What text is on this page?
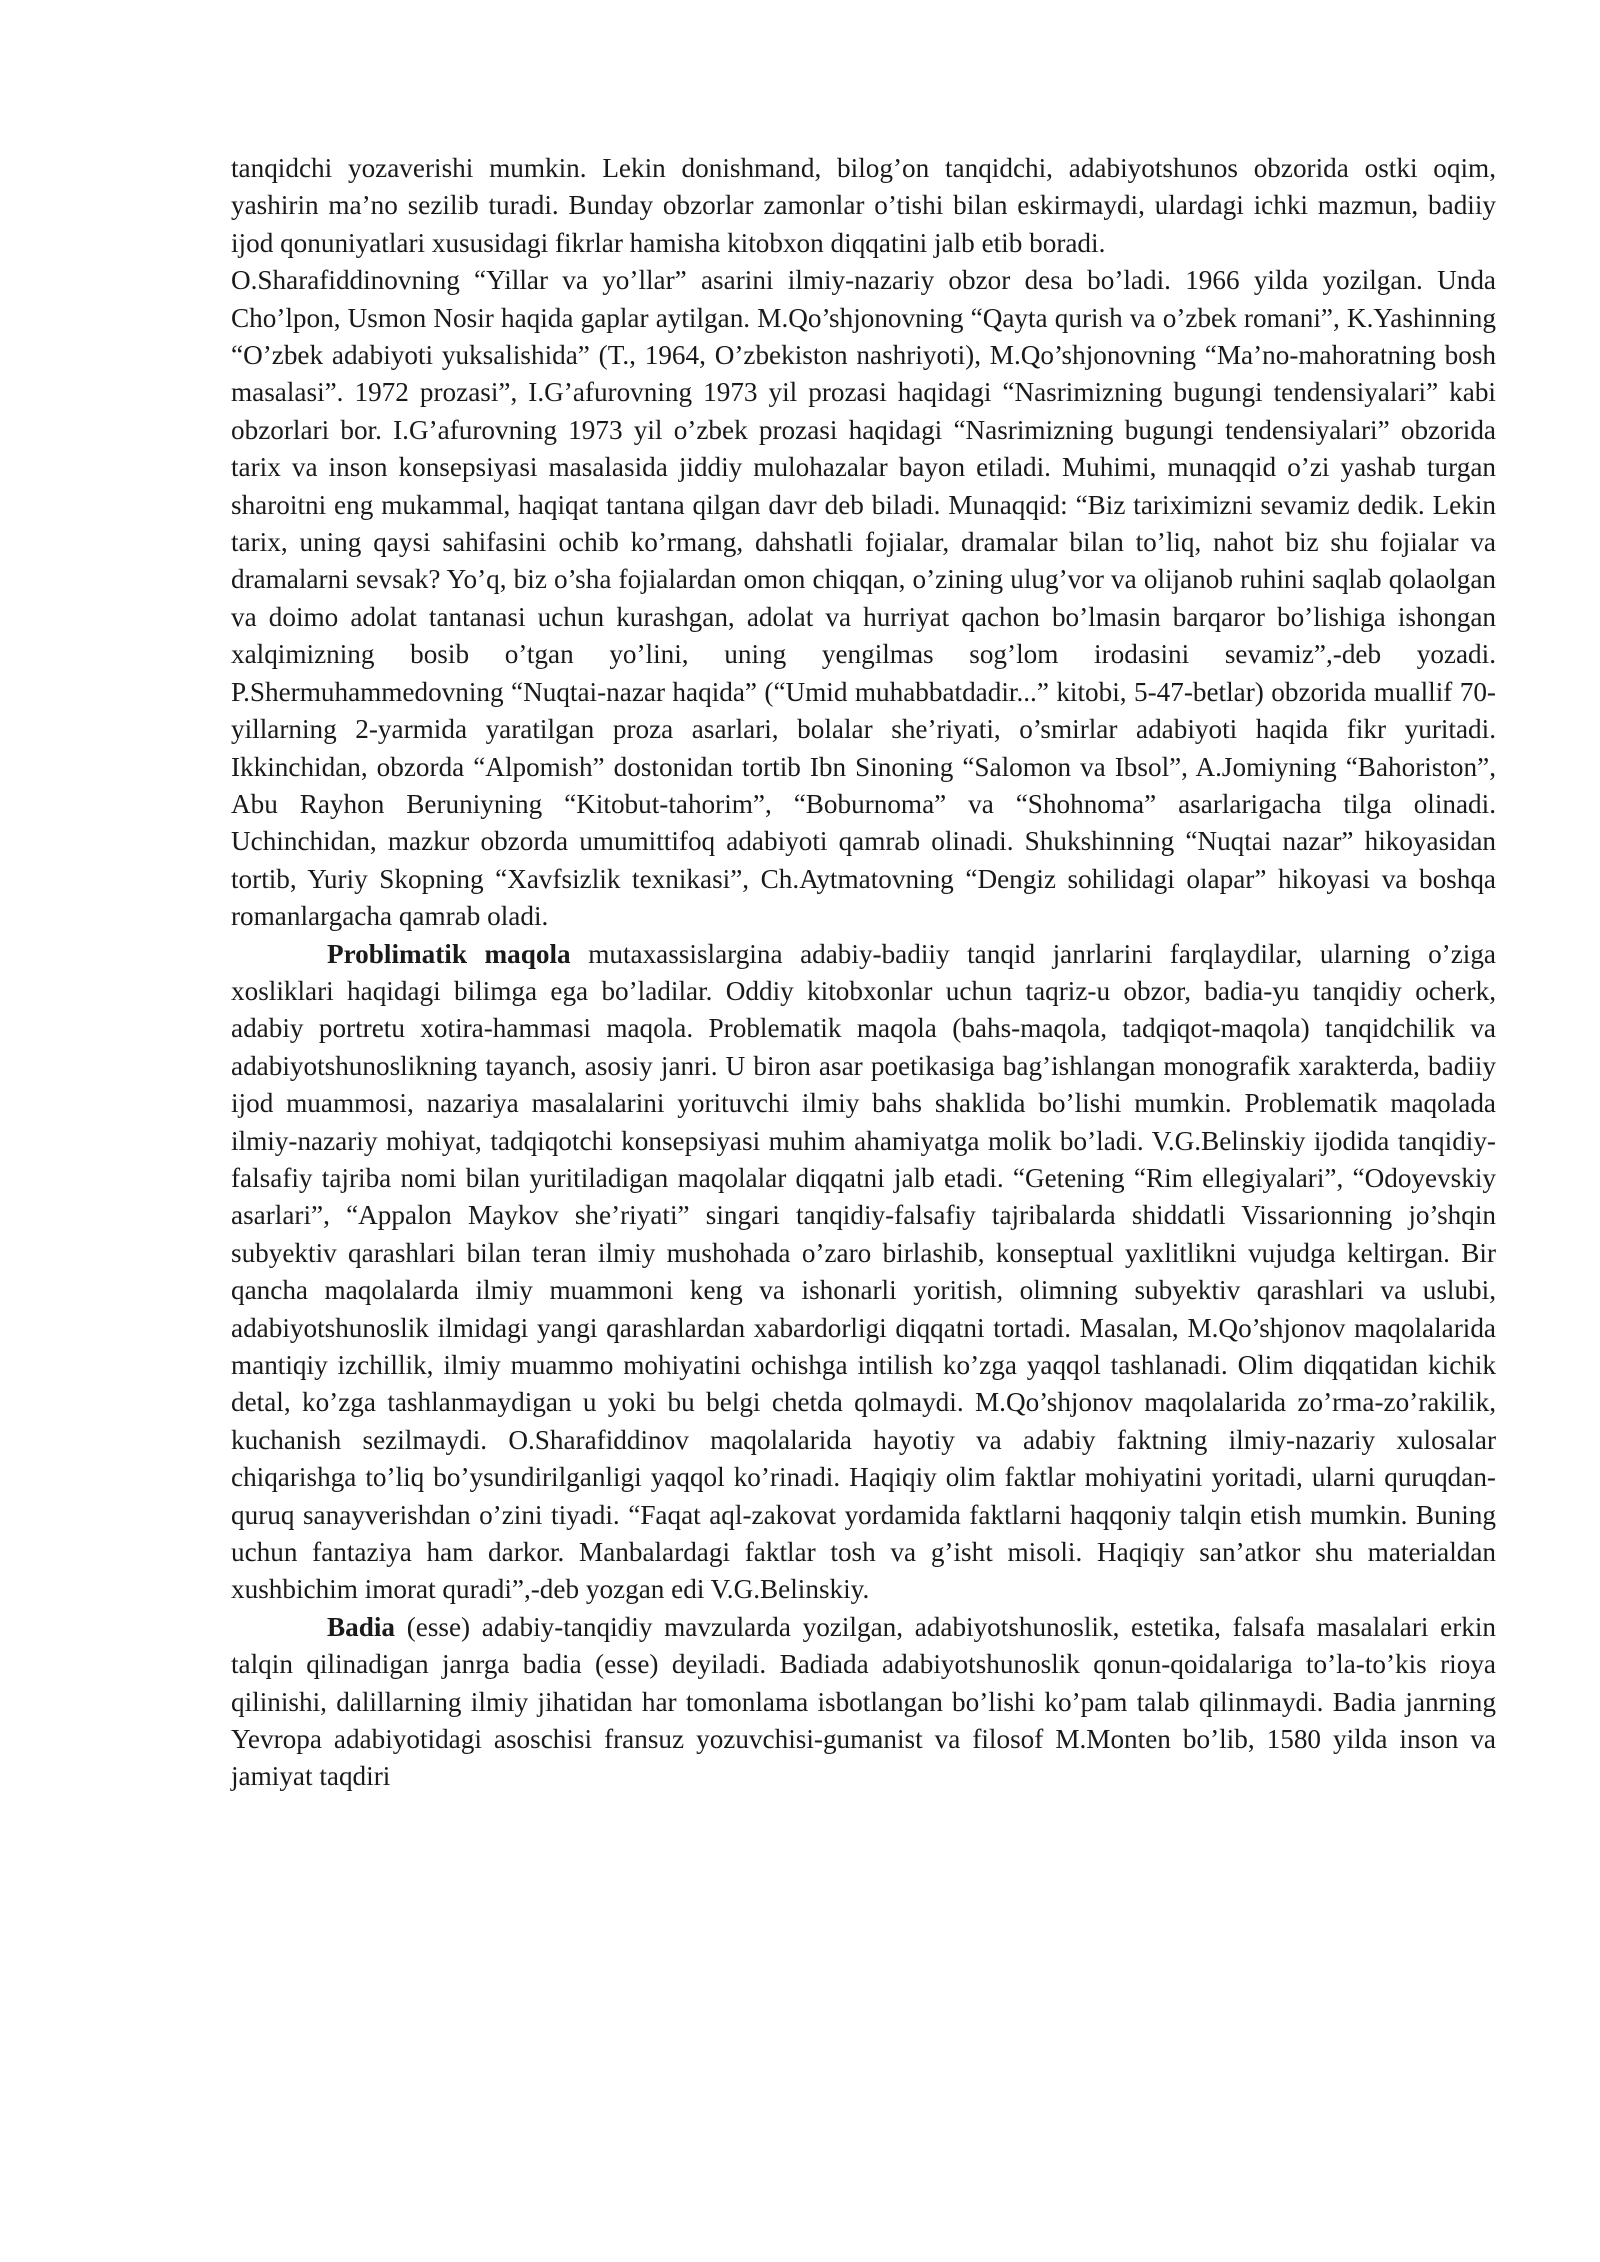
tanqidchi yozaverishi mumkin. Lekin donishmand, bilog’on tanqidchi, adabiyotshunos obzorida ostki oqim, yashirin ma’no sezilib turadi. Bunday obzorlar zamonlar o’tishi bilan eskirmaydi, ulardagi ichki mazmun, badiiy ijod qonuniyatlari xususidagi fikrlar hamisha kitobxon diqqatini jalb etib boradi.

O.Sharafiddinovning “Yillar va yo’llar” asarini ilmiy-nazariy obzor desa bo’ladi. 1966 yilda yozilgan. Unda Cho’lpon, Usmon Nosir haqida gaplar aytilgan. M.Qo’shjonovning “Qayta qurish va o’zbek romani”, K.Yashinning “O’zbek adabiyoti yuksalishida” (T., 1964, O’zbekiston nashriyoti), M.Qo’shjonovning “Ma’no-mahoratning bosh masalasi”. 1972 prozasi”, I.G’afurovning 1973 yil prozasi haqidagi “Nasrimizning bugungi tendensiyalari” kabi obzorlari bor. I.G’afurovning 1973 yil o’zbek prozasi haqidagi “Nasrimizning bugungi tendensiyalari” obzorida tarix va inson konsepsiyasi masalasida jiddiy mulohazalar bayon etiladi. Muhimi, munaqqid o’zi yashab turgan sharoitni eng mukammal, haqiqat tantana qilgan davr deb biladi. Munaqqid: “Biz tariximizni sevamiz dedik. Lekin tarix, uning qaysi sahifasini ochib ko’rmang, dahshatli fojialar, dramalar bilan to’liq, nahot biz shu fojialar va dramalarni sevsak? Yo’q, biz o’sha fojialardan omon chiqqan, o’zining ulug’vor va olijanob ruhini saqlab qolaolgan va doimo adolat tantanasi uchun kurashgan, adolat va hurriyat qachon bo’lmasin barqaror bo’lishiga ishongan xalqimizning bosib o’tgan yo’lini, uning yengilmas sog’lom irodasini sevamiz”,-deb yozadi. P.Shermuhammedovning “Nuqtai-nazar haqida” (“Umid muhabbatdadir...” kitobi, 5-47-betlar) obzorida muallif 70-yillarning 2-yarmida yaratilgan proza asarlari, bolalar she’riyati, o’smirlar adabiyoti haqida fikr yuritadi. Ikkinchidan, obzorda “Alpomish” dostonidan tortib Ibn Sinoning “Salomon va Ibsol”, A.Jomiyning “Bahoriston”, Abu Rayhon Beruniyning “Kitobut-tahorim”, “Boburnoma” va “Shohnoma” asarlarigacha tilga olinadi. Uchinchidan, mazkur obzorda umumittifoq adabiyoti qamrab olinadi. Shukshinning “Nuqtai nazar” hikoyasidan tortib, Yuriy Skopning “Xavfsizlik texnikasi”, Ch.Aytmatovning “Dengiz sohilidagi olapar” hikoyasi va boshqa romanlargacha qamrab oladi.

Problimatik maqola mutaxassislargina adabiy-badiiy tanqid janrlarini farqlaydilar, ularning o’ziga xosliklari haqidagi bilimga ega bo’ladilar. Oddiy kitobxonlar uchun taqriz-u obzor, badia-yu tanqidiy ocherk, adabiy portretu xotira-hammasi maqola. Problematik maqola (bahs-maqola, tadqiqot-maqola) tanqidchilik va adabiyotshunoslikning tayanch, asosiy janri. U biron asar poetikasiga bag’ishlangan monografik xarakterda, badiiy ijod muammosi, nazariya masalalarini yorituvchi ilmiy bahs shaklida bo’lishi mumkin. Problematik maqolada ilmiy-nazariy mohiyat, tadqiqotchi konsepsiyasi muhim ahamiyatga molik bo’ladi. V.G.Belinskiy ijodida tanqidiy-falsafiy tajriba nomi bilan yuritiladigan maqolalar diqqatni jalb etadi. “Getening “Rim ellegiyalari”, “Odoyevskiy asarlari”, “Appalon Maykov she’riyati” singari tanqidiy-falsafiy tajribalarda shiddatli Vissarionning jo’shqin subyektiv qarashlari bilan teran ilmiy mushohada o’zaro birlashib, konseptual yaxlitlikni vujudga keltirgan. Bir qancha maqolalarda ilmiy muammoni keng va ishonarli yoritish, olimning subyektiv qarashlari va uslubi, adabiyotshunoslik ilmidagi yangi qarashlardan xabardorligi diqqatni tortadi. Masalan, M.Qo’shjonov maqolalarida mantiqiy izchillik, ilmiy muammo mohiyatini ochishga intilish ko’zga yaqqol tashlanadi. Olim diqqatidan kichik detal, ko’zga tashlanmaydigan u yoki bu belgi chetda qolmaydi. M.Qo’shjonov maqolalarida zo’rma-zo’rakilik, kuchanish sezilmaydi. O.Sharafiddinov maqolalarida hayotiy va adabiy faktning ilmiy-nazariy xulosalar chiqarishga to’liq bo’ysundirilganligi yaqqol ko’rinadi. Haqiqiy olim faktlar mohiyatini yoritadi, ularni quruqdan-quruq sanayverishdan o’zini tiyadi. “Faqat aql-zakovat yordamida faktlarni haqqoniy talqin etish mumkin. Buning uchun fantaziya ham darkor. Manbalardagi faktlar tosh va g’isht misoli. Haqiqiy san’atkor shu materialdan xushbichim imorat quradi”,-deb yozgan edi V.G.Belinskiy.

Badia (esse) adabiy-tanqidiy mavzularda yozilgan, adabiyotshunoslik, estetika, falsafa masalalari erkin talqin qilinadigan janrga badia (esse) deyiladi. Badiada adabiyotshunoslik qonun-qoidalariga to’la-to’kis rioya qilinishi, dalillarning ilmiy jihatidan har tomonlama isbotlangan bo’lishi ko’pam talab qilinmaydi. Badia janrning Yevropa adabiyotidagi asoschisi fransuz yozuvchisi-gumanist va filosof M.Monten bo’lib, 1580 yilda inson va jamiyat taqdiri
